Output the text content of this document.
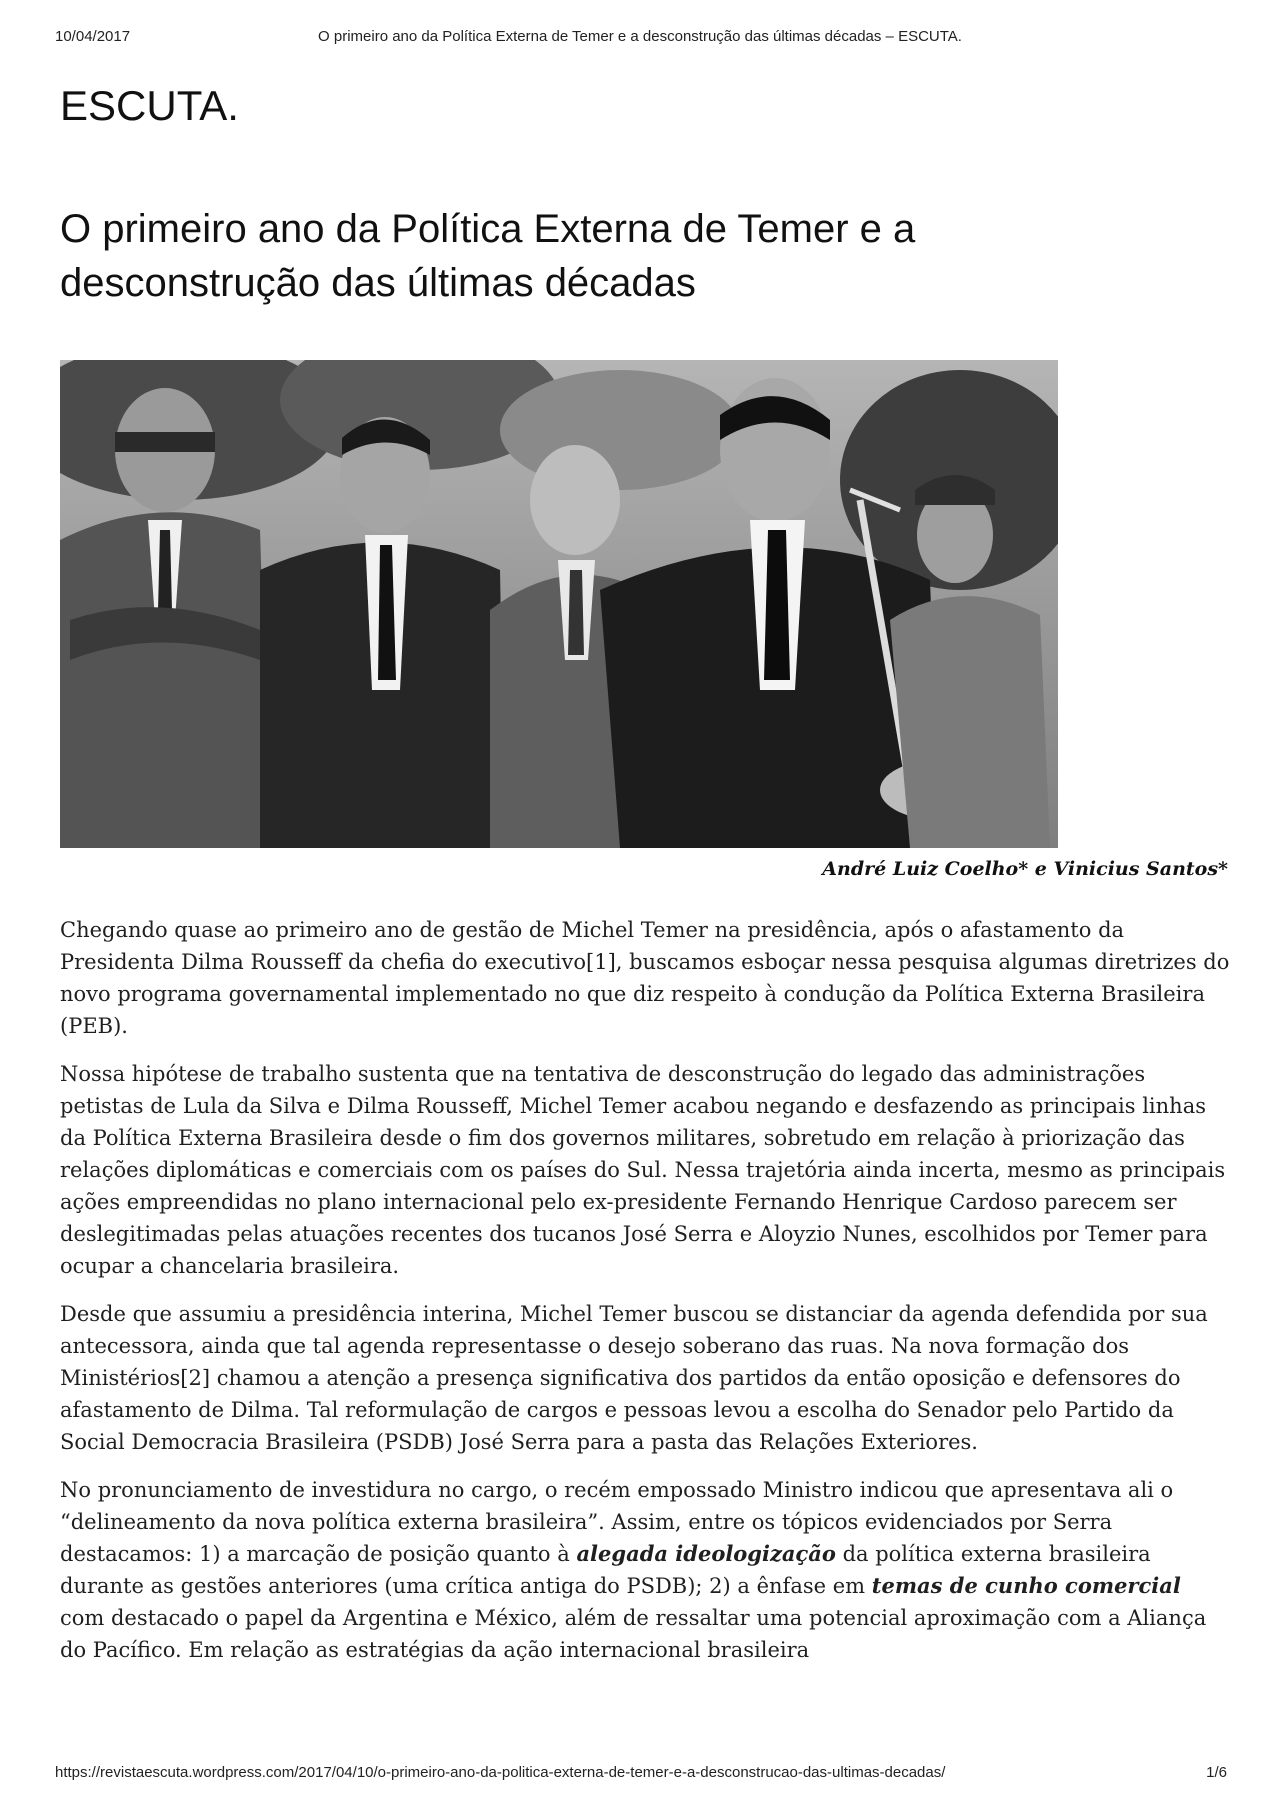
10/04/2017	O primeiro ano da Política Externa de Temer e a desconstrução das últimas décadas – ESCUTA.
ESCUTA.
O primeiro ano da Política Externa de Temer e a desconstrução das últimas décadas
André Luiz Coelho* e Vinicius Santos*

Chegando quase ao primeiro ano de gestão de Michel Temer na presidência, após o afastamento da Presidenta Dilma Rousseff da chefia do executivo[1], buscamos esboçar nessa pesquisa algumas diretrizes do novo programa governamental implementado no que diz respeito à condução da Política Externa Brasileira (PEB).

Nossa hipótese de trabalho sustenta que na tentativa de desconstrução do legado das administrações petistas de Lula da Silva e Dilma Rousseff, Michel Temer acabou negando e desfazendo as principais linhas da Política Externa Brasileira desde o fim dos governos militares, sobretudo em relação à priorização das relações diplomáticas e comerciais com os países do Sul. Nessa trajetória ainda incerta, mesmo as principais ações empreendidas no plano internacional pelo ex-presidente Fernando Henrique Cardoso parecem ser deslegitimadas pelas atuações recentes dos tucanos José Serra e Aloyzio Nunes, escolhidos por Temer para ocupar a chancelaria brasileira.

Desde que assumiu a presidência interina, Michel Temer buscou se distanciar da agenda defendida por sua antecessora, ainda que tal agenda representasse o desejo soberano das ruas. Na nova formação dos Ministérios[2] chamou a atenção a presença significativa dos partidos da então oposição e defensores do afastamento de Dilma. Tal reformulação de cargos e pessoas levou a escolha do Senador pelo Partido da Social Democracia Brasileira (PSDB) José Serra para a pasta das Relações Exteriores.

No pronunciamento de investidura no cargo, o recém empossado Ministro indicou que apresentava ali o “delineamento da nova política externa brasileira”. Assim, entre os tópicos evidenciados por Serra destacamos: 1) a marcação de posição quanto à alegada ideologização da política externa brasileira durante as gestões anteriores (uma crítica antiga do PSDB); 2) a ênfase em temas de cunho comercial com destacado o papel da Argentina e México, além de ressaltar uma potencial aproximação com a Aliança do Pacífico. Em relação as estratégias da ação internacional brasileira

https://revistaescuta.wordpress.com/2017/04/10/o-primeiro-ano-da-politica-externa-de-temer-e-a-desconstrucao-das-ultimas-decadas/	1/6
